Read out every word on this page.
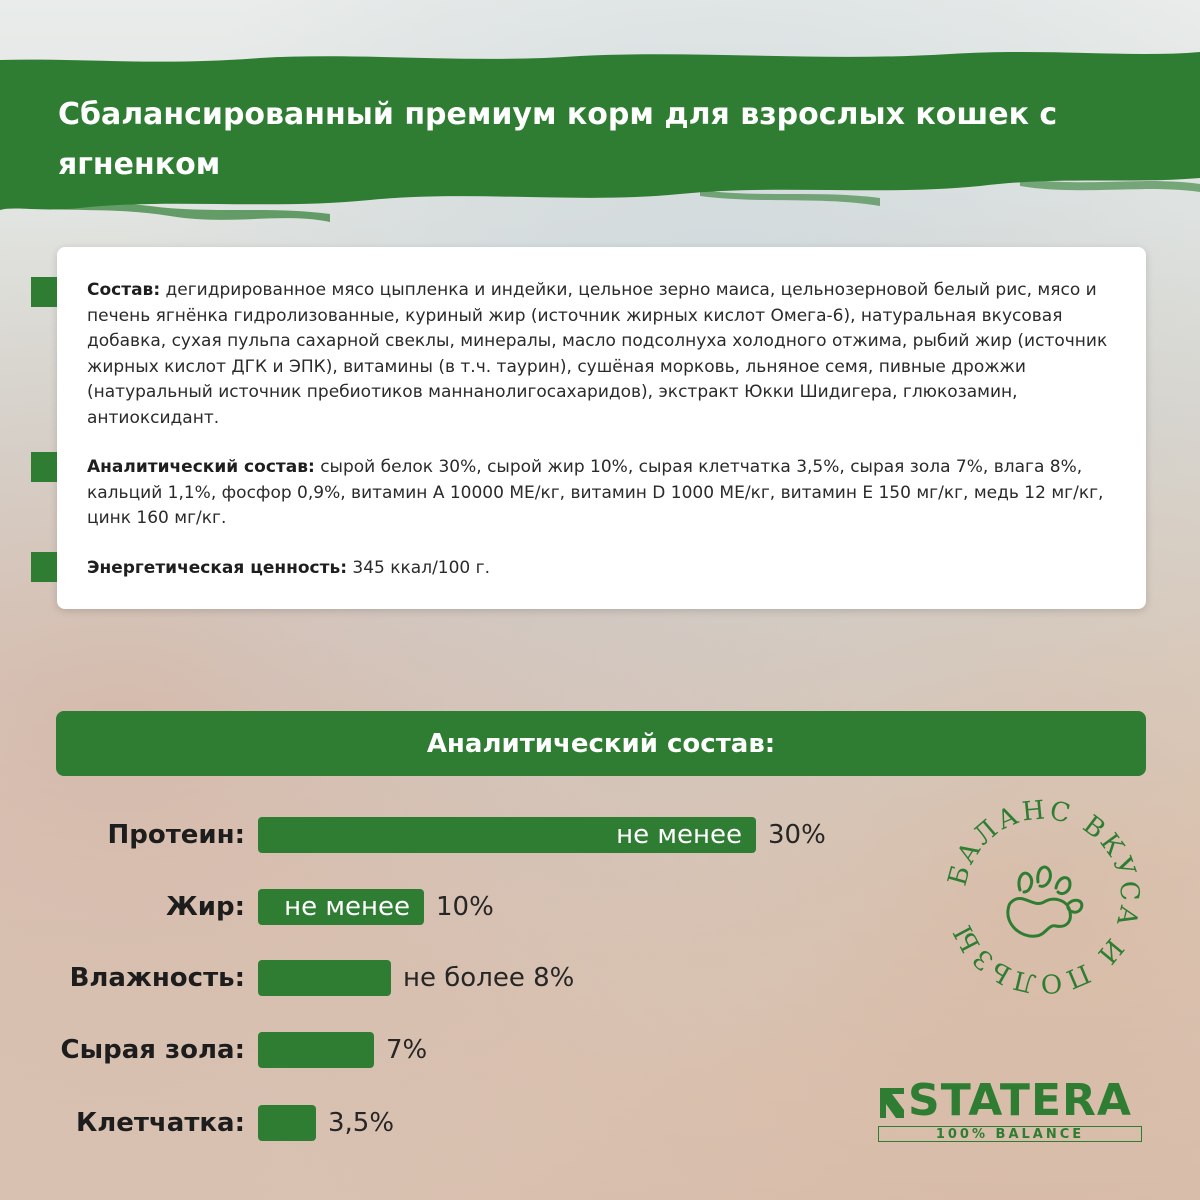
Сбалансированный премиум корм для взрослых кошек с ягненком

Состав: дегидрированное мясо цыпленка и индейки, цельное зерно маиса, цельнозерновой белый рис, мясо и печень ягнёнка гидролизованные, куриный жир (источник жирных кислот Омега-6), натуральная вкусовая добавка, сухая пульпа сахарной свеклы, минералы, масло подсолнуха холодного отжима, рыбий жир (источник жирных кислот ДГК и ЭПК), витамины (в т.ч. таурин), сушёная морковь, льняное семя, пивные дрожжи (натуральный источник пребиотиков маннанолигосахаридов), экстракт Юкки Шидигера, глюкозамин, антиоксидант.

Аналитический состав: сырой белок 30%, сырой жир 10%, сырая клетчатка 3,5%, сырая зола 7%, влага 8%, кальций 1,1%, фосфор 0,9%, витамин А 10000 МЕ/кг, витамин D 1000 МЕ/кг, витамин Е 150 мг/кг, медь 12 мг/кг, цинк 160 мг/кг.

Энергетическая ценность: 345 ккал/100 г.

Аналитический состав:
Протеин:	не менее	30%
Жир: не менее	10%
Влажность:	не более 8%
Сырая зола:	7%
Клетчатка:	3,5%
БАЛАНС ВКУСА И ПОЛЬЗЫ
STATERA
100% BALANCE
